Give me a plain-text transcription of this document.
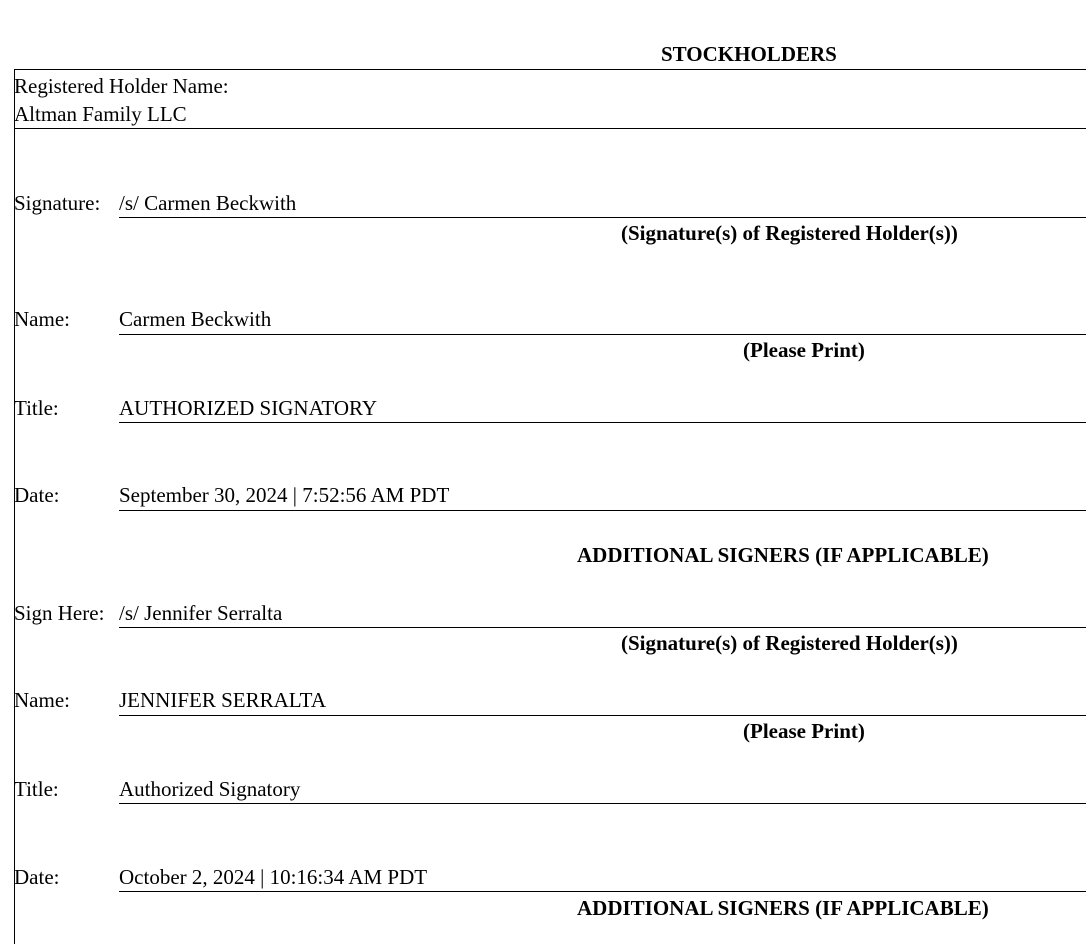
STOCKHOLDERS
Registered Holder Name:
Altman Family LLC
Signature: /s/ Carmen Beckwith
(Signature(s) of Registered Holder(s))
Name: Carmen Beckwith
(Please Print)
Title:	AUTHORIZED SIGNATORY
Date:	September 30, 2024 | 7:52:56 AM PDT
ADDITIONAL SIGNERS (IF APPLICABLE)
Sign Here: /s/ Jennifer Serralta
(Signature(s) of Registered Holder(s))
Name: JENNIFER SERRALTA
(Please Print)
Title:	Authorized Signatory
Date:	October 2, 2024 | 10:16:34 AM PDT
ADDITIONAL SIGNERS (IF APPLICABLE)
